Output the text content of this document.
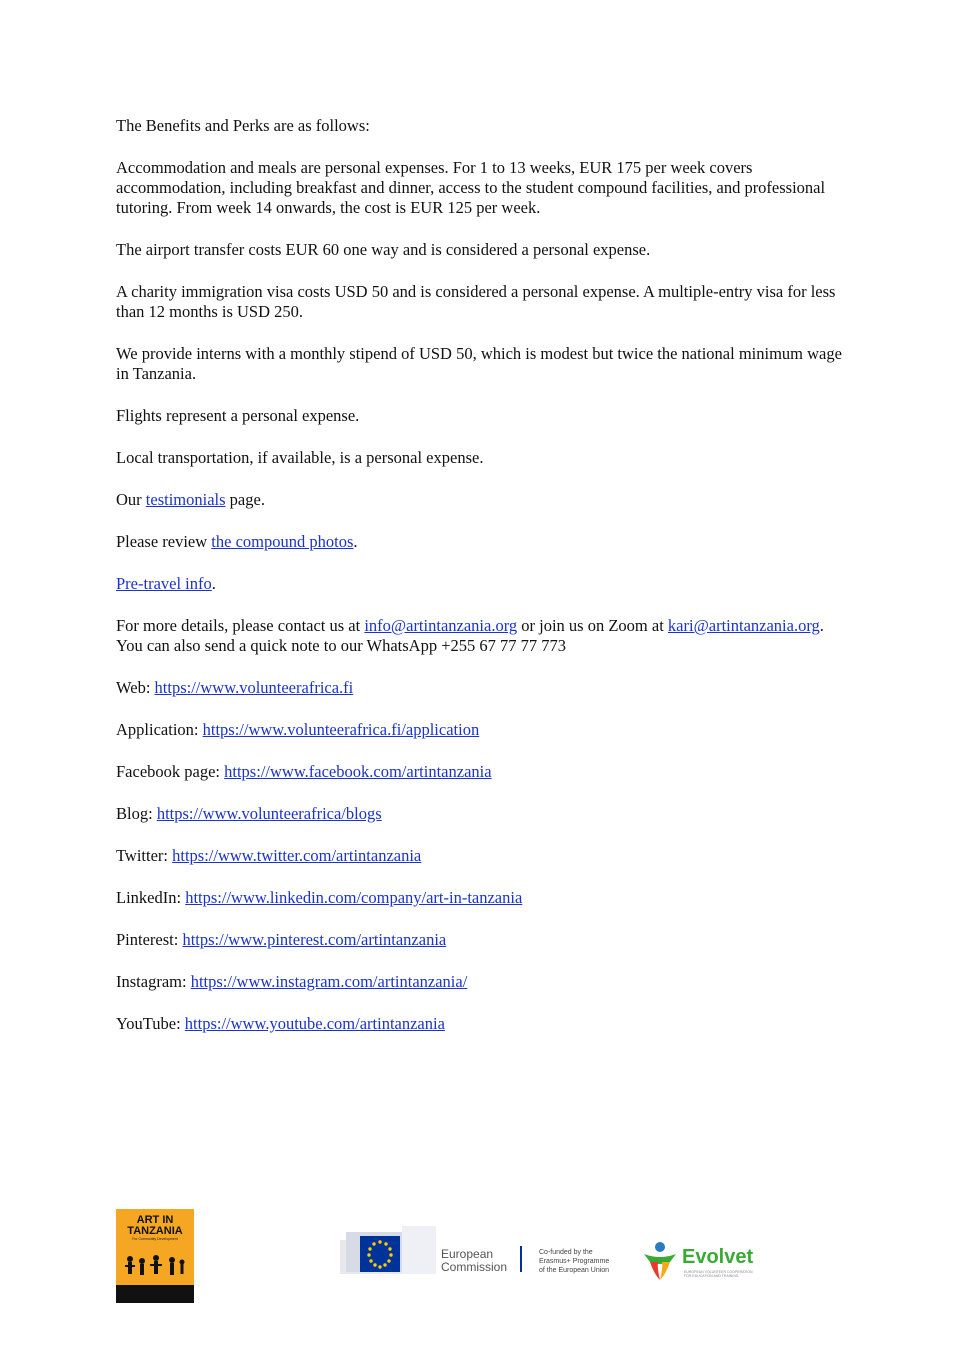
The Benefits and Perks are as follows:

Accommodation and meals are personal expenses. For 1 to 13 weeks, EUR 175 per week covers accommodation, including breakfast and dinner, access to the student compound facilities, and professional tutoring. From week 14 onwards, the cost is EUR 125 per week.

The airport transfer costs EUR 60 one way and is considered a personal expense.

A charity immigration visa costs USD 50 and is considered a personal expense. A multiple-entry visa for less than 12 months is USD 250.

We provide interns with a monthly stipend of USD 50, which is modest but twice the national minimum wage in Tanzania.

Flights represent a personal expense.

Local transportation, if available, is a personal expense.

Our testimonials page.

Please review the compound photos.

Pre-travel info.

For more details, please contact us at info@artintanzania.org or join us on Zoom at kari@artintanzania.org. You can also send a quick note to our WhatsApp +255 67 77 77 773

Web: https://www.volunteerafrica.fi

Application: https://www.volunteerafrica.fi/application

Facebook page: https://www.facebook.com/artintanzania

Blog: https://www.volunteerafrica/blogs

Twitter: https://www.twitter.com/artintanzania

LinkedIn: https://www.linkedin.com/company/art-in-tanzania

Pinterest: https://www.pinterest.com/artintanzania

Instagram: https://www.instagram.com/artintanzania/

YouTube: https://www.youtube.com/artintanzania

ART IN
TANZANIA
For Community Development
European
Commission
Co-funded by the
Erasmus+ Programme
of the European Union
Evolvet
EUROPEAN VOLUNTEER COOPERATION FOR EDUCATION AND TRAINING
